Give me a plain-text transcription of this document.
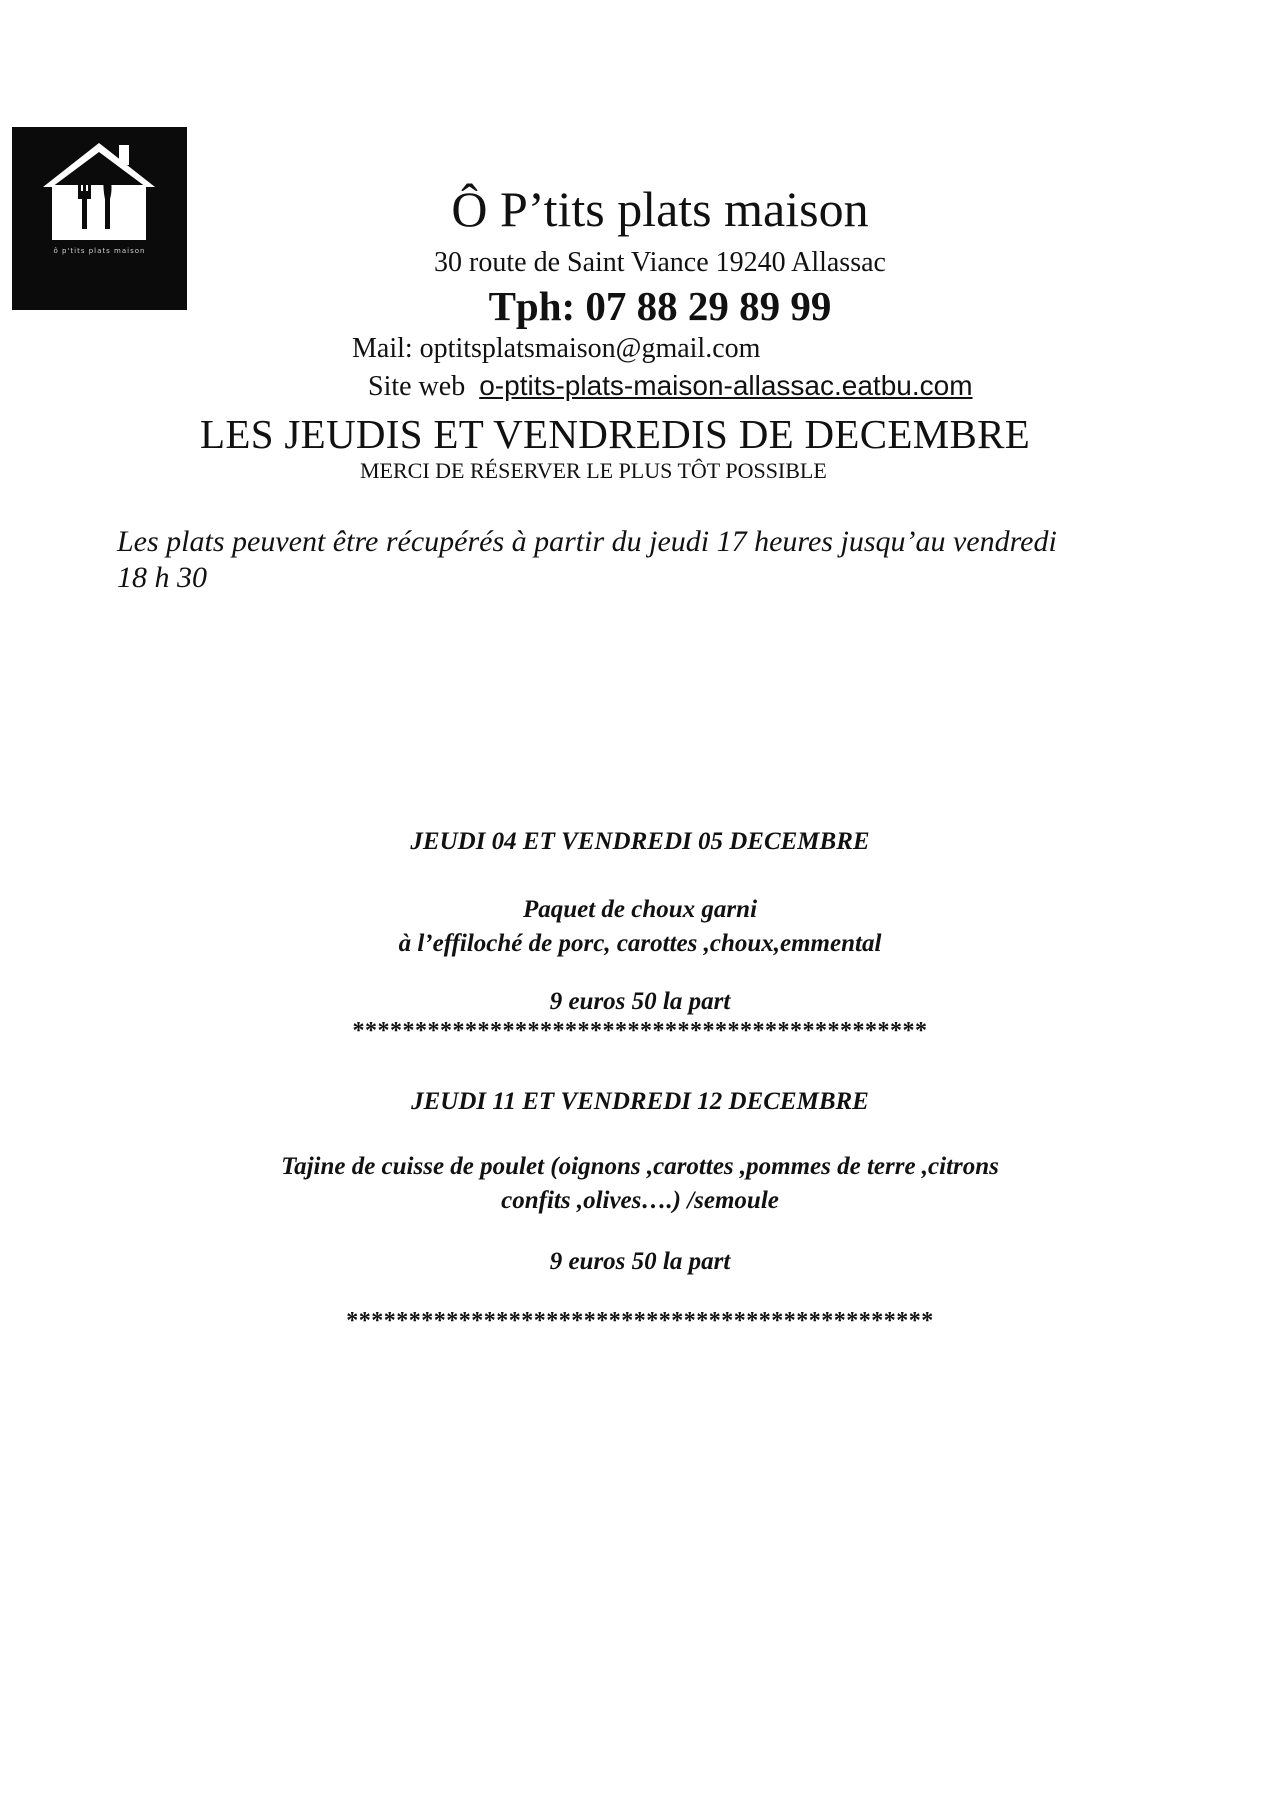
ô p'tits plats maison
Ô P’tits plats maison
30 route de Saint Viance 19240 Allassac
Tph: 07 88 29 89 99
Mail: optitsplatsmaison@gmail.com
Site web o-ptits-plats-maison-allassac.eatbu.com
LES JEUDIS ET VENDREDIS DE DECEMBRE
MERCI DE RÉSERVER LE PLUS TÔT POSSIBLE
Les plats peuvent être récupérés à partir du jeudi 17 heures jusqu’au vendredi
18 h 30
JEUDI 04 ET VENDREDI 05 DECEMBRE
Paquet de choux garni
à l’effiloché de porc, carottes ,choux,emmental
9 euros 50 la part
**********************************************
JEUDI 11 ET VENDREDI 12 DECEMBRE
Tajine de cuisse de poulet (oignons ,carottes ,pommes de terre ,citrons
confits ,olives….) /semoule
9 euros 50 la part
***********************************************
